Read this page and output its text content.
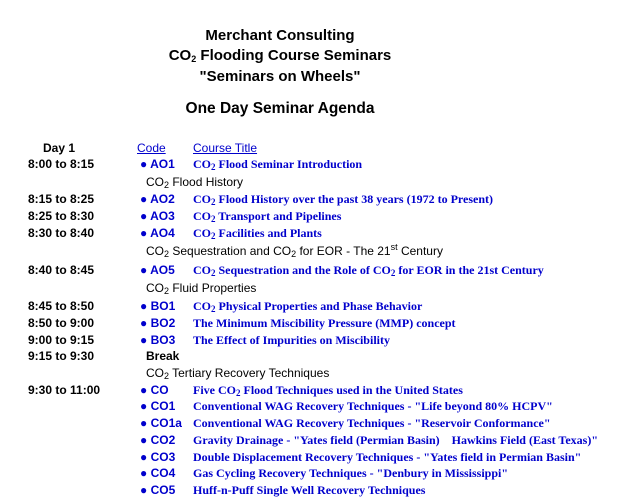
Merchant Consulting
$CO_2$ Flooding Course Seminars
"Seminars on Wheels"
One Day Seminar Agenda
Day 1	Code Course Title
8:00 to 8:15	● AO1 $CO_2$ Flood Seminar Introduction
$CO_2$ Flood History
8:15 to 8:25	● AO2 $CO_2$ Flood History over the past 38 years (1972 to Present)
8:25 to 8:30	● AO3 $CO_2$ Transport and Pipelines
8:30 to 8:40	● AO4 $CO_2$ Facilities and Plants
$CO_2$ Sequestration and $CO_2$ for EOR - The 21st Century
8:40 to 8:45	● AO5 $CO_2$ Sequestration and the Role of $CO_2$ for EOR in the 21st Century
$CO_2$ Fluid Properties
8:45 to 8:50	● BO1 $CO_2$ Physical Properties and Phase Behavior
8:50 to 9:00	● BO2 The Minimum Miscibility Pressure (MMP) concept
9:00 to 9:15	● BO3 The Effect of Impurities on Miscibility
9:15 to 9:30	Break
$CO_2$ Tertiary Recovery Techniques
9:30 to 11:00	● CO Five $CO_2$ Flood Techniques used in the United States
● CO1 Conventional WAG Recovery Techniques - "Life beyond 80% HCPV"
● CO1a Conventional WAG Recovery Techniques - "Reservoir Conformance"
● CO2 Gravity Drainage - "Yates field (Permian Basin)    Hawkins Field (East Texas)"
● CO3 Double Displacement Recovery Techniques - "Yates field in Permian Basin"
● CO4 Gas Cycling Recovery Techniques - "Denbury in Mississippi"
● CO5 Huff-n-Puff Single Well Recovery Techniques
